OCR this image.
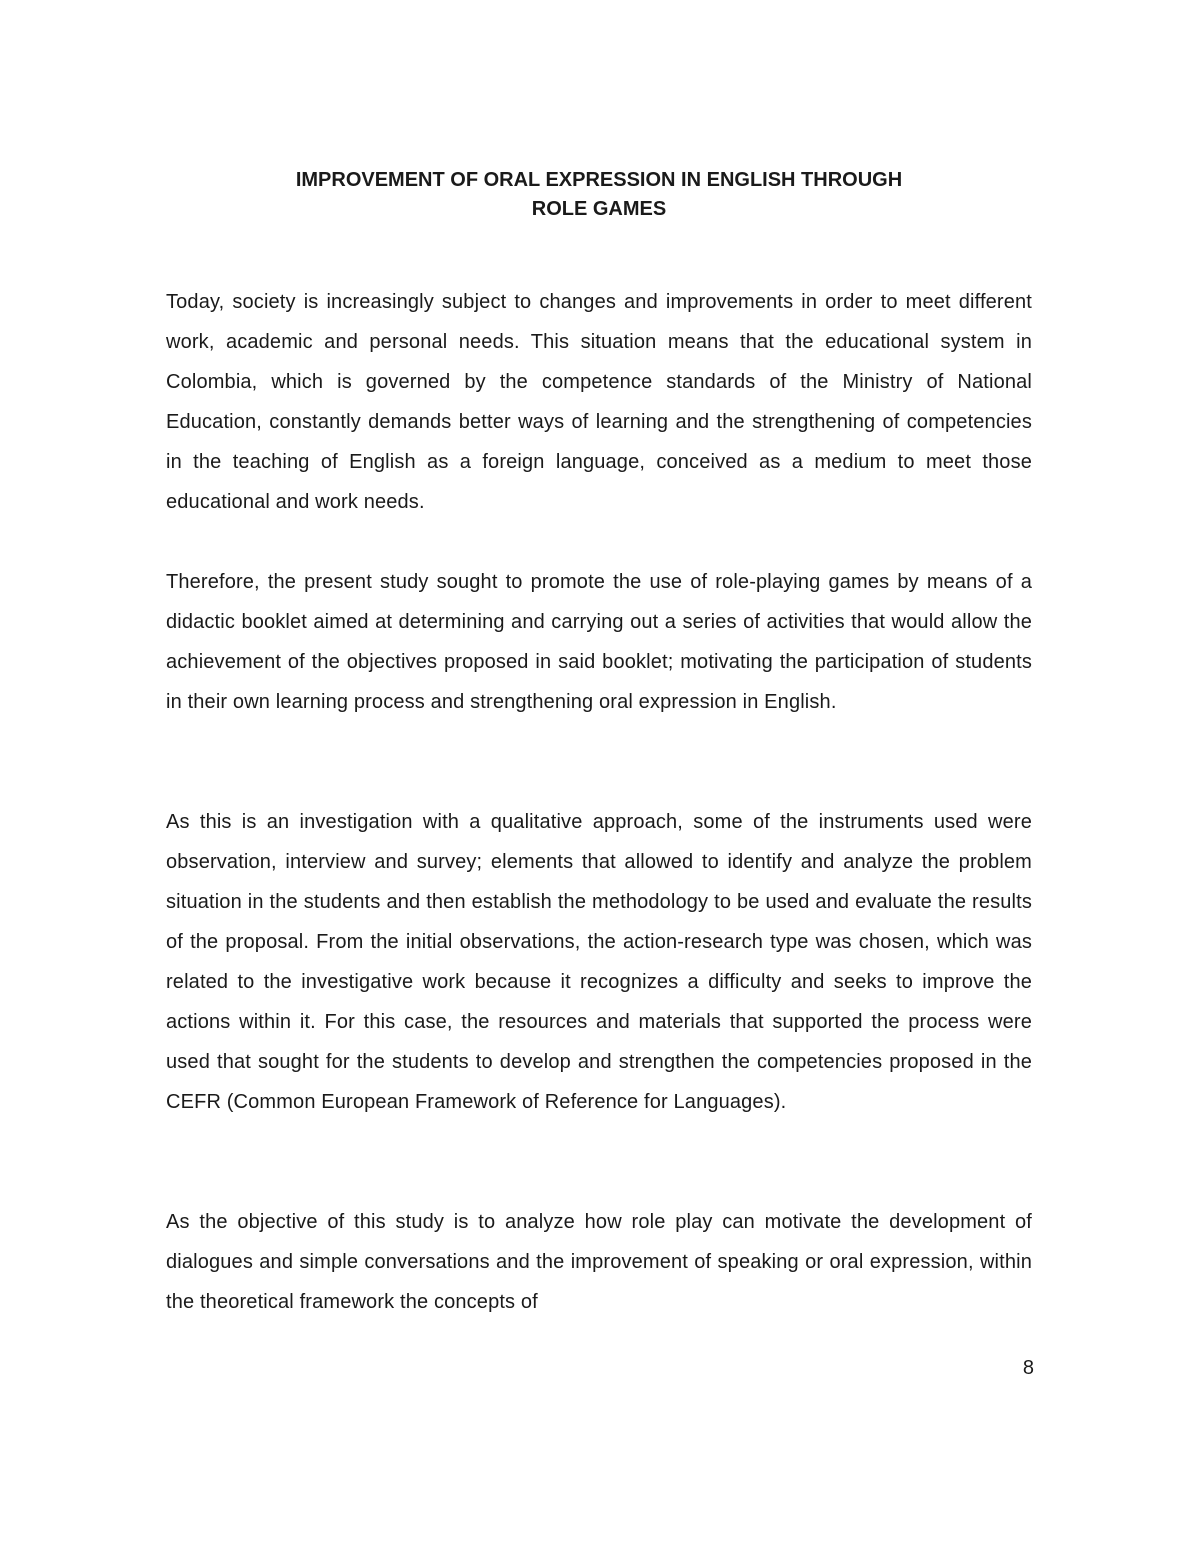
IMPROVEMENT OF ORAL EXPRESSION IN ENGLISH THROUGH
ROLE GAMES

Today, society is increasingly subject to changes and improvements in order to meet different work, academic and personal needs. This situation means that the educational system in Colombia, which is governed by the competence standards of the Ministry of National Education, constantly demands better ways of learning and the strengthening of competencies in the teaching of English as a foreign language, conceived as a medium to meet those educational and work needs.

Therefore, the present study sought to promote the use of role-playing games by means of a didactic booklet aimed at determining and carrying out a series of activities that would allow the achievement of the objectives proposed in said booklet; motivating the participation of students in their own learning process and strengthening oral expression in English.

As this is an investigation with a qualitative approach, some of the instruments used were observation, interview and survey; elements that allowed to identify and analyze the problem situation in the students and then establish the methodology to be used and evaluate the results of the proposal. From the initial observations, the action-research type was chosen, which was related to the investigative work because it recognizes a difficulty and seeks to improve the actions within it. For this case, the resources and materials that supported the process were used that sought for the students to develop and strengthen the competencies proposed in the CEFR (Common European Framework of Reference for Languages).

As the objective of this study is to analyze how role play can motivate the development of dialogues and simple conversations and the improvement of speaking or oral expression, within the theoretical framework the concepts of

8
